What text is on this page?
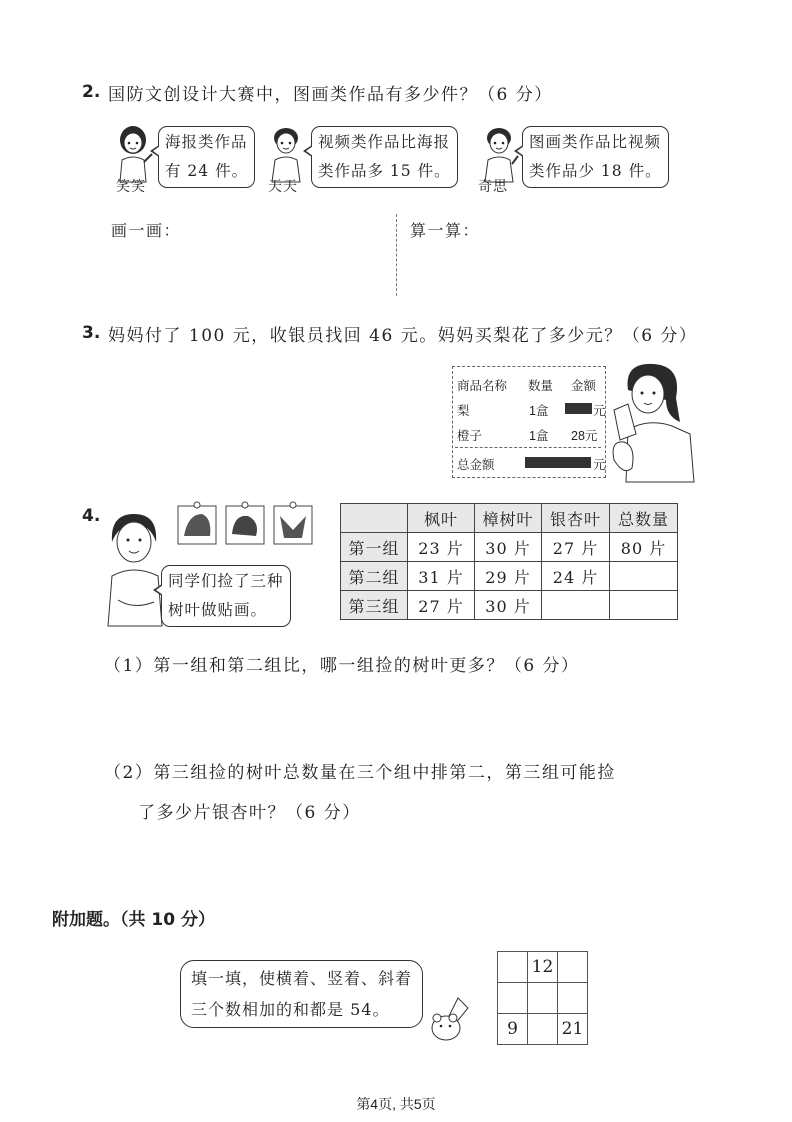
2. 国防文创设计大赛中，图画类作品有多少件？（6 分）
笑笑
海报类作品
有 24 件。
天天
视频类作品比海报
类作品多 15 件。
奇思
图画类作品比视频
类作品少 18 件。
画一画：	算一算：
3. 妈妈付了 100 元，收银员找回 46 元。妈妈买梨花了多少元？（6 分）
商品名称 数量 金额
梨	1盒	元
橙子	1盒 28元
总金额	元
4.
同学们捡了三种
树叶做贴画。
	枫叶	樟树叶	银杏叶	总数量
第一组	23 片	30 片	27 片	80 片
第二组	31 片	29 片	24 片	
第三组	27 片	30 片		
（1）第一组和第二组比，哪一组捡的树叶更多？（6 分）
（2）第三组捡的树叶总数量在三个组中排第二，第三组可能捡
了多少片银杏叶？（6 分）
附加题。（共 10 分）
填一填，使横着、竖着、斜着
三个数相加的和都是 54。
	12	

9		21
第4页, 共5页
